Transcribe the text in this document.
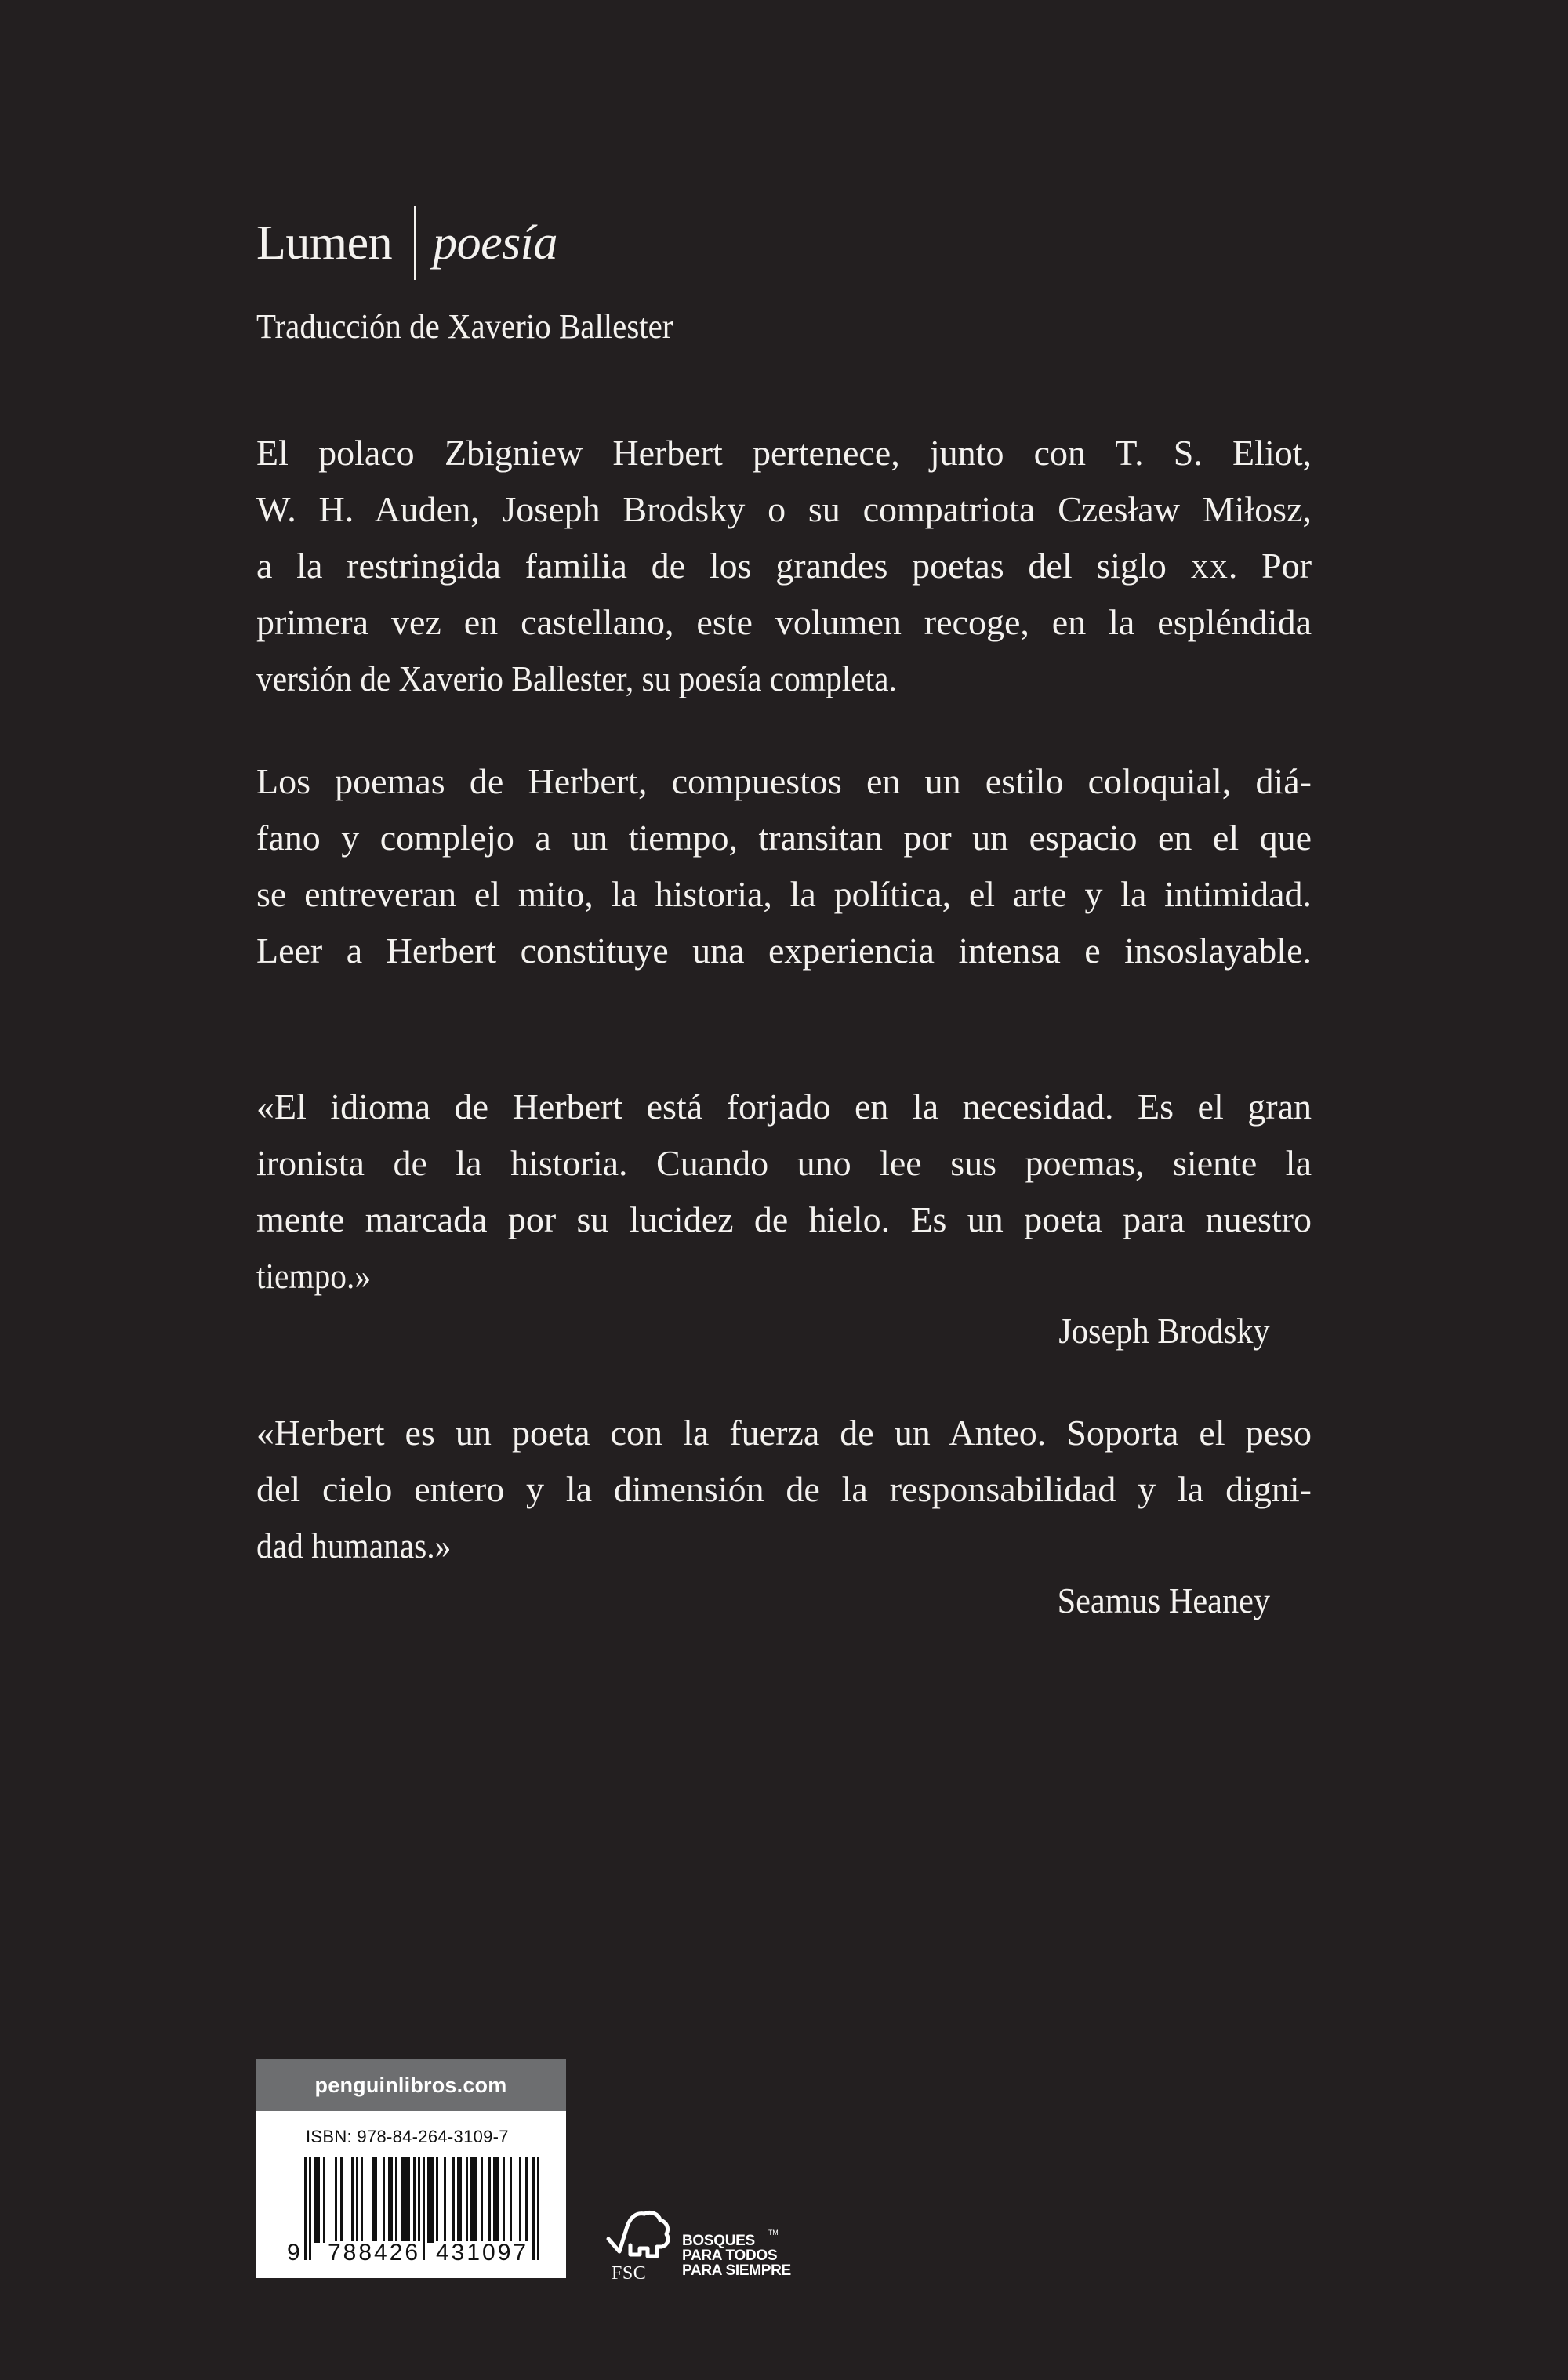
Lumen poesía
Traducción de Xaverio Ballester
El polaco Zbigniew Herbert pertenece, junto con T. S. Eliot,
W. H. Auden, Joseph Brodsky o su compatriota Czesław Miłosz,
a la restringida familia de los grandes poetas del siglo xx. Por
primera vez en castellano, este volumen recoge, en la espléndida
versión de Xaverio Ballester, su poesía completa.
Los poemas de Herbert, compuestos en un estilo coloquial, diá-
fano y complejo a un tiempo, transitan por un espacio en el que
se entreveran el mito, la historia, la política, el arte y la intimidad.
Leer a Herbert constituye una experiencia intensa e insoslayable.
«El idioma de Herbert está forjado en la necesidad. Es el gran
ironista de la historia. Cuando uno lee sus poemas, siente la
mente marcada por su lucidez de hielo. Es un poeta para nuestro
tiempo.»
Joseph Brodsky
«Herbert es un poeta con la fuerza de un Anteo. Soporta el peso
del cielo entero y la dimensión de la responsabilidad y la digni-
dad humanas.»
Seamus Heaney
penguinlibros.com
ISBN: 978-84-264-3109-7
9 788426 431097
FSC
BOSQUES
PARA TODOS
PARA SIEMPRE
TM
